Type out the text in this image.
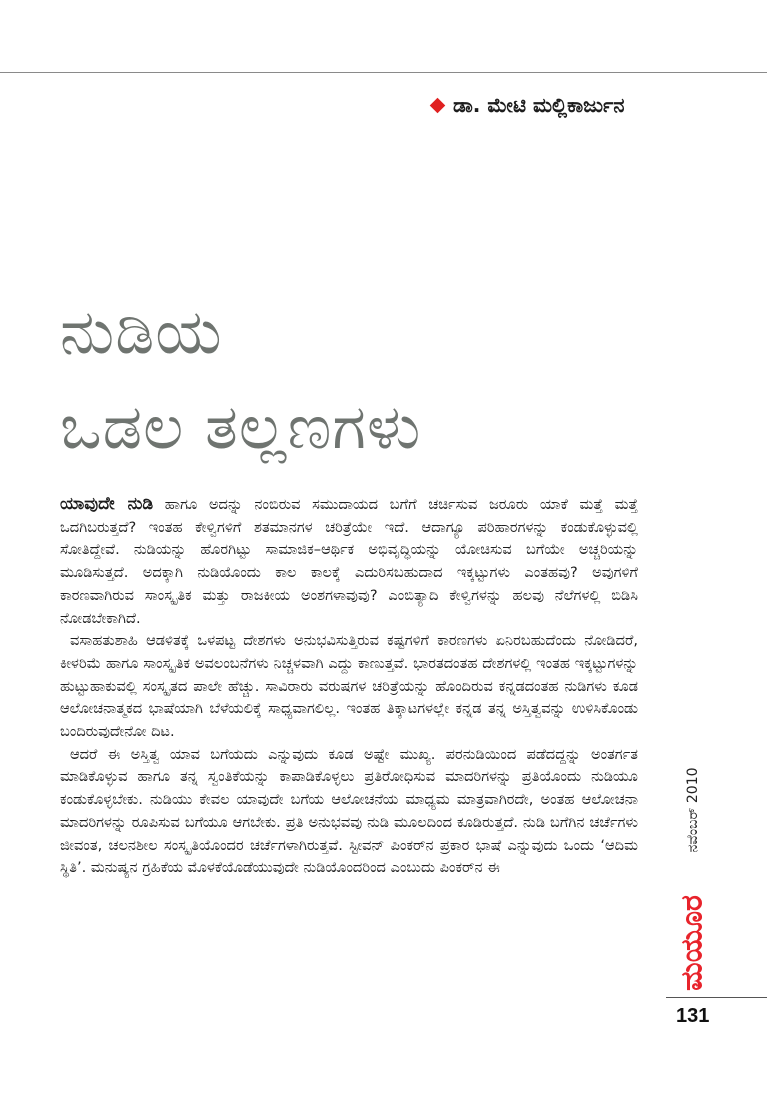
ಡಾ. ಮೇಟಿ ಮಲ್ಲಿಕಾರ್ಜುನ
ನುಡಿಯ
ಒಡಲ ತಲ್ಲಣಗಳು

ಯಾವುದೇ ನುಡಿ ಹಾಗೂ ಅದನ್ನು ನಂಬಿರುವ ಸಮುದಾಯದ ಬಗೆಗೆ ಚರ್ಚಿಸುವ ಜರೂರು ಯಾಕೆ ಮತ್ತೆ ಮತ್ತೆ ಒದಗಿಬರುತ್ತದೆ? ಇಂತಹ ಕೇಳ್ವಿಗಳಿಗೆ ಶತಮಾನಗಳ ಚರಿತ್ರೆಯೇ ಇದೆ. ಆದಾಗ್ಯೂ ಪರಿಹಾರಗಳನ್ನು ಕಂಡುಕೊಳ್ಳುವಲ್ಲಿ ಸೋತಿದ್ದೇವೆ. ನುಡಿಯನ್ನು ಹೊರಗಿಟ್ಟು ಸಾಮಾಜಿಕ–ಆರ್ಥಿಕ ಅಭಿವೃದ್ಧಿಯನ್ನು ಯೋಚಿಸುವ ಬಗೆಯೇ ಅಚ್ಚರಿಯನ್ನು ಮೂಡಿಸುತ್ತದೆ. ಅದಕ್ಕಾಗಿ ನುಡಿಯೊಂದು ಕಾಲ ಕಾಲಕ್ಕೆ ಎದುರಿಸಬಹುದಾದ ಇಕ್ಕಟ್ಟುಗಳು ಎಂತಹವು? ಅವುಗಳಿಗೆ ಕಾರಣವಾಗಿರುವ ಸಾಂಸ್ಕೃತಿಕ ಮತ್ತು ರಾಜಕೀಯ ಅಂಶಗಳಾವುವು? ಎಂಬಿತ್ಯಾದಿ ಕೇಳ್ವಿಗಳನ್ನು ಹಲವು ನೆಲೆಗಳಲ್ಲಿ ಬಿಡಿಸಿ ನೋಡಬೇಕಾಗಿದೆ.

ವಸಾಹತುಶಾಹಿ ಆಡಳಿತಕ್ಕೆ ಒಳಪಟ್ಟ ದೇಶಗಳು ಅನುಭವಿಸುತ್ತಿರುವ ಕಷ್ಟಗಳಿಗೆ ಕಾರಣಗಳು ಏನಿರಬಹುದೆಂದು ನೋಡಿದರೆ, ಕೀಳರಿಮೆ ಹಾಗೂ ಸಾಂಸ್ಕೃತಿಕ ಅವಲಂಬನೆಗಳು ನಿಚ್ಚಳವಾಗಿ ಎದ್ದು ಕಾಣುತ್ತವೆ. ಭಾರತದಂತಹ ದೇಶಗಳಲ್ಲಿ ಇಂತಹ ಇಕ್ಕಟ್ಟುಗಳನ್ನು ಹುಟ್ಟುಹಾಕುವಲ್ಲಿ ಸಂಸ್ಕೃತದ ಪಾಲೇ ಹೆಚ್ಚು. ಸಾವಿರಾರು ವರುಷಗಳ ಚರಿತ್ರೆಯನ್ನು ಹೊಂದಿರುವ ಕನ್ನಡದಂತಹ ನುಡಿಗಳು ಕೂಡ ಆಲೋಚನಾತ್ಮಕದ ಭಾಷೆಯಾಗಿ ಬೆಳೆಯಲಿಕ್ಕೆ ಸಾಧ್ಯವಾಗಲಿಲ್ಲ. ಇಂತಹ ತಿಕ್ಕಾಟಗಳಲ್ಲೇ ಕನ್ನಡ ತನ್ನ ಅಸ್ತಿತ್ವವನ್ನು ಉಳಿಸಿಕೊಂಡು ಬಂದಿರುವುದೇನೋ ದಿಟ.

ಆದರೆ ಈ ಅಸ್ತಿತ್ವ ಯಾವ ಬಗೆಯದು ಎನ್ನುವುದು ಕೂಡ ಅಷ್ಟೇ ಮುಖ್ಯ. ಪರನುಡಿಯಿಂದ ಪಡೆದದ್ದನ್ನು ಅಂತರ್ಗತ ಮಾಡಿಕೊಳ್ಳುವ ಹಾಗೂ ತನ್ನ ಸ್ವಂತಿಕೆಯನ್ನು ಕಾಪಾಡಿಕೊಳ್ಳಲು ಪ್ರತಿರೋಧಿಸುವ ಮಾದರಿಗಳನ್ನು ಪ್ರತಿಯೊಂದು ನುಡಿಯೂ ಕಂಡುಕೊಳ್ಳಬೇಕು. ನುಡಿಯು ಕೇವಲ ಯಾವುದೇ ಬಗೆಯ ಆಲೋಚನೆಯ ಮಾಧ್ಯಮ ಮಾತ್ರವಾಗಿರದೇ, ಅಂತಹ ಆಲೋಚನಾ ಮಾದರಿಗಳನ್ನು ರೂಪಿಸುವ ಬಗೆಯೂ ಆಗಬೇಕು. ಪ್ರತಿ ಅನುಭವವು ನುಡಿ ಮೂಲದಿಂದ ಕೂಡಿರುತ್ತದೆ. ನುಡಿ ಬಗೆಗಿನ ಚರ್ಚೆಗಳು ಜೀವಂತ, ಚಲನಶೀಲ ಸಂಸ್ಕೃತಿಯೊಂದರ ಚರ್ಚೆಗಳಾಗಿರುತ್ತವೆ. ಸ್ಟೀವನ್ ಪಿಂಕರ್‌ನ ಪ್ರಕಾರ ಭಾಷೆ ಎನ್ನುವುದು ಒಂದು ‘ಆದಿಮ ಸ್ಥಿತಿ’. ಮನುಷ್ಯನ ಗ್ರಹಿಕೆಯ ಮೊಳಕೆಯೊಡೆಯುವುದೇ ನುಡಿಯೊಂದರಿಂದ ಎಂಬುದು ಪಿಂಕರ್‌ನ ಈ

ನವೆಂಬರ್ 2010
ಮಯೂರ
131
